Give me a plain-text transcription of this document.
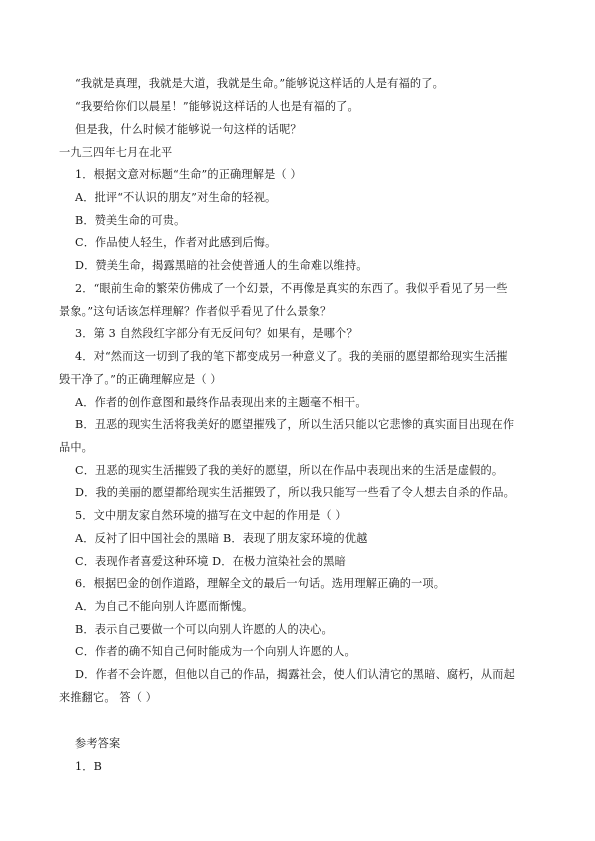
“我就是真理，我就是大道，我就是生命。”能够说这样话的人是有福的了。
“我要给你们以晨星！”能够说这样话的人也是有福的了。
但是我，什么时候才能够说一句这样的话呢？
一九三四年七月在北平
1．根据文意对标题“生命”的正确理解是（ ）
A．批评“不认识的朋友”对生命的轻视。
B．赞美生命的可贵。
C．作品使人轻生，作者对此感到后悔。
D．赞美生命，揭露黑暗的社会使普通人的生命难以维持。
2．“眼前生命的繁荣仿佛成了一个幻景，不再像是真实的东西了。我似乎看见了另一些
景象。”这句话该怎样理解？作者似乎看见了什么景象？
3．第 3 自然段红字部分有无反问句？如果有，是哪个？
4．对“然而这一切到了我的笔下都变成另一种意义了。我的美丽的愿望都给现实生活摧
毁干净了。”的正确理解应是（ ）
A．作者的创作意图和最终作品表现出来的主题毫不相干。
B．丑恶的现实生活将我美好的愿望摧残了，所以生活只能以它悲惨的真实面目出现在作
品中。
C．丑恶的现实生活摧毁了我的美好的愿望，所以在作品中表现出来的生活是虚假的。
D．我的美丽的愿望都给现实生活摧毁了，所以我只能写一些看了令人想去自杀的作品。
5．文中朋友家自然环境的描写在文中起的作用是（ ）
A．反衬了旧中国社会的黑暗 B．表现了朋友家环境的优越
C．表现作者喜爱这种环境 D．在极力渲染社会的黑暗
6．根据巴金的创作道路，理解全文的最后一句话。选用理解正确的一项。
A．为自己不能向别人许愿而惭愧。
B．表示自己要做一个可以向别人许愿的人的决心。
C．作者的确不知自己何时能成为一个向别人许愿的人。
D．作者不会许愿，但他以自己的作品，揭露社会，使人们认清它的黑暗、腐朽，从而起
来推翻它。 答（ ）
参考答案
1．B
